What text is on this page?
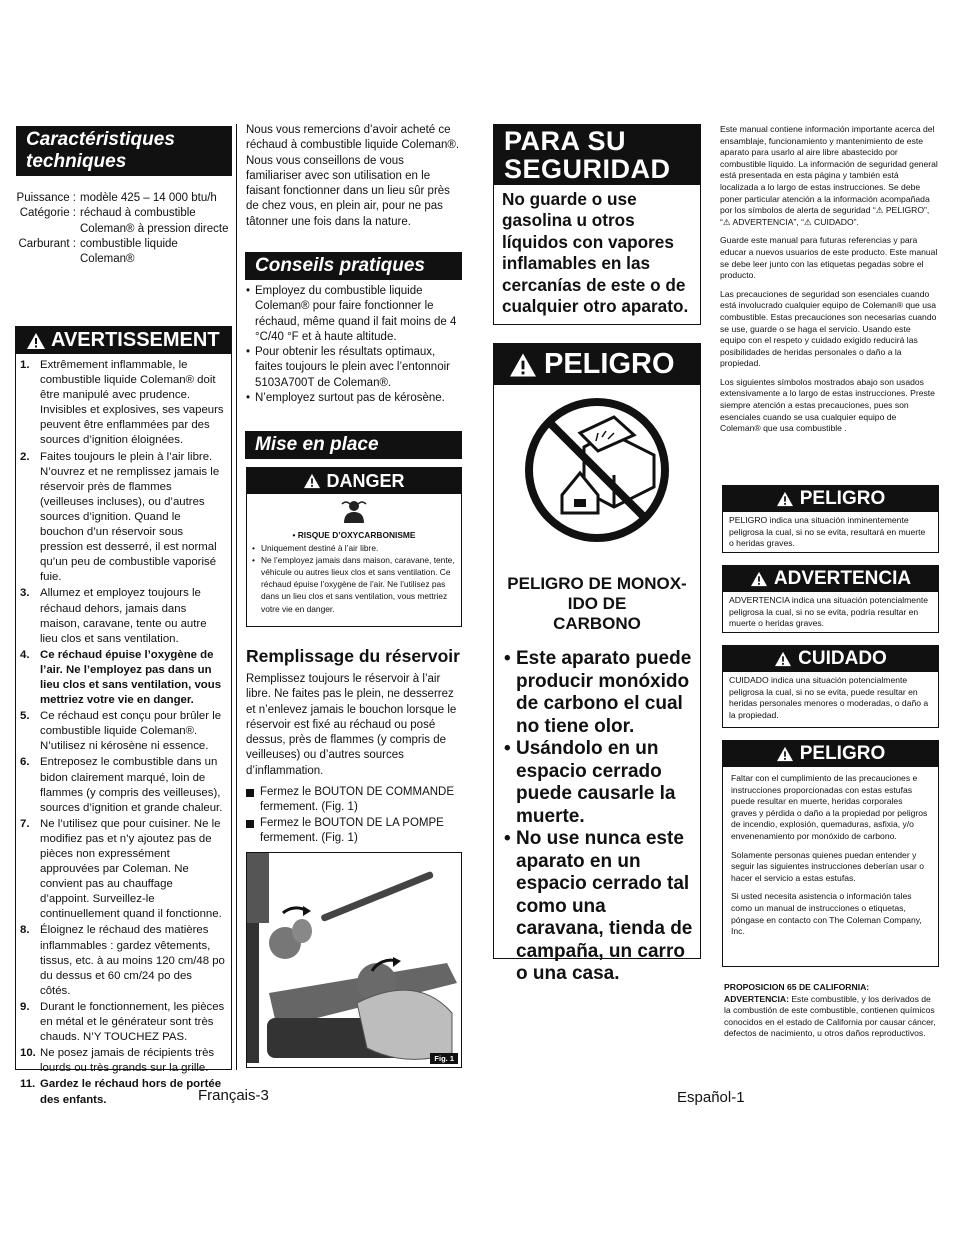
Caractéristiques techniques
Puissance : modèle 425 – 14 000 btu/h
Catégorie : réchaud à combustible Coleman® à pression directe
Carburant : combustible liquide Coleman®
AVERTISSEMENT
1. Extrêmement inflammable, le combustible liquide Coleman® doit être manipulé avec prudence. Invisibles et explosives, ses vapeurs peuvent être enflammées par des sources d’ignition éloignées.
2. Faites toujours le plein à l’air libre. N’ouvrez et ne remplissez jamais le réservoir près de flammes (veilleuses incluses), ou d’autres sources d’ignition. Quand le bouchon d’un réservoir sous pression est desserré, il est normal qu’un peu de combustible vaporisé fuie.
3. Allumez et employez toujours le réchaud dehors, jamais dans maison, caravane, tente ou autre lieu clos et sans ventilation.
4. Ce réchaud épuise l’oxygène de l’air. Ne l’employez pas dans un lieu clos et sans ventilation, vous mettriez votre vie en danger.
5. Ce réchaud est conçu pour brûler le combustible liquide Coleman®. N’utilisez ni kérosène ni essence.
6. Entreposez le combustible dans un bidon clairement marqué, loin de flammes (y compris des veilleuses), sources d’ignition et grande chaleur.
7. Ne l’utilisez que pour cuisiner. Ne le modifiez pas et n’y ajoutez pas de pièces non expressément approuvées par Coleman. Ne convient pas au chauffage d’appoint. Surveillez-le continuellement quand il fonctionne.
8. Éloignez le réchaud des matières inflammables : gardez vêtements, tissus, etc. à au moins 120 cm/48 po du dessus et 60 cm/24 po des côtés.
9. Durant le fonctionnement, les pièces en métal et le générateur sont très chauds. N’Y TOUCHEZ PAS.
10. Ne posez jamais de récipients très lourds ou très grands sur la grille.
11. Gardez le réchaud hors de portée des enfants.
Nous vous remercions d’avoir acheté ce réchaud à combustible liquide Coleman®. Nous vous conseillons de vous familiariser avec son utilisation en le faisant fonctionner dans un lieu sûr près de chez vous, en plein air, pour ne pas tâtonner une fois dans la nature.
Conseils pratiques
• Employez du combustible liquide Coleman® pour faire fonctionner le réchaud, même quand il fait moins de 4 °C/40 °F et à haute altitude.
• Pour obtenir les résultats optimaux, faites toujours le plein avec l’entonnoir 5103A700T de Coleman®.
• N’employez surtout pas de kérosène.
Mise en place
DANGER
• RISQUE D’OXYCARBONISME
• Uniquement destiné à l’air libre.
• Ne l’employez jamais dans maison, caravane, tente, véhicule ou autres lieux clos et sans ventilation. Ce réchaud épuise l’oxygène de l’air. Ne l’utilisez pas dans un lieu clos et sans ventilation, vous mettriez votre vie en danger.
Remplissage du réservoir
Remplissez toujours le réservoir à l’air libre. Ne faites pas le plein, ne desserrez et n’enlevez jamais le bouchon lorsque le réservoir est fixé au réchaud ou posé dessus, près de flammes (y compris de veilleuses) ou d’autres sources d’inflammation.
Fermez le BOUTON DE COMMANDE fermement. (Fig. 1)
Fermez le BOUTON DE LA POMPE fermement. (Fig. 1)
Fig. 1
Français-3
PARA SU
SEGURIDAD
No guarde o use gasolina u otros líquidos con vapores inflamables en las cercanías de este o de cualquier otro aparato.
PELIGRO
PELIGRO DE MONOX-
IDO DE
CARBONO
• Este aparato puede producir monóxido de carbono el cual no tiene olor.
• Usándolo en un espacio cerrado puede causarle la muerte.
• No use nunca este aparato en un espacio cerrado tal como una caravana, tienda de campaña, un carro o una casa.

Este manual contiene información importante acerca del ensamblaje, funcionamiento y mantenimiento de este aparato para usarlo al aire libre abastecido por combustible líquido. La información de seguridad general está presentada en esta página y también está localizada a lo largo de estas instrucciones. Se debe poner particular atención a la información acompañada por los símbolos de alerta de seguridad “⚠ PELIGRO”, “⚠ ADVERTENCIA”, “⚠ CUIDADO”.

Guarde este manual para futuras referencias y para educar a nuevos usuarios de este producto. Este manual se debe leer junto con las etiquetas pegadas sobre el producto.

Las precauciones de seguridad son esenciales cuando está involucrado cualquier equipo de Coleman® que usa combustible. Estas precauciones son necesarias cuando se use, guarde o se haga el servicio. Usando este equipo con el respeto y cuidado exigido reducirá las posibilidades de heridas personales o daño a la propiedad.

Los siguientes símbolos mostrados abajo son usados extensivamente a lo largo de estas instrucciones. Preste siempre atención a estas precauciones, pues son esenciales cuando se usa cualquier equipo de Coleman® que usa combustible .

PELIGRO
PELIGRO indica una situación inminentemente peligrosa la cual, si no se evita, resultará en muerte o heridas graves.
ADVERTENCIA
ADVERTENCIA indica una situación potencialmente peligrosa la cual, si no se evita, podría resultar en muerte o heridas graves.
CUIDADO
CUIDADO indica una situación potencialmente peligrosa la cual, si no se evita, puede resultar en heridas personales menores o moderadas, o daño a la propiedad.
PELIGRO

Faltar con el cumplimiento de las precauciones e instrucciones proporcionadas con estas estufas puede resultar en muerte, heridas corporales graves y pérdida o daño a la propiedad por peligros de incendio, explosión, quemaduras, asfixia, y/o envenenamiento por monóxido de carbono.

Solamente personas quienes puedan entender y seguir las siguientes instrucciones deberían usar o hacer el servicio a estas estufas.

Si usted necesita asistencia o información tales como un manual de instrucciones o etiquetas, póngase en contacto con The Coleman Company, Inc.

PROPOSICION 65 DE CALIFORNIA:
ADVERTENCIA: Este combustible, y los derivados de la combustión de este combustible, contienen químicos conocidos en el estado de California por causar cáncer, defectos de nacimiento, u otros daños reproductivos.
Español-1
